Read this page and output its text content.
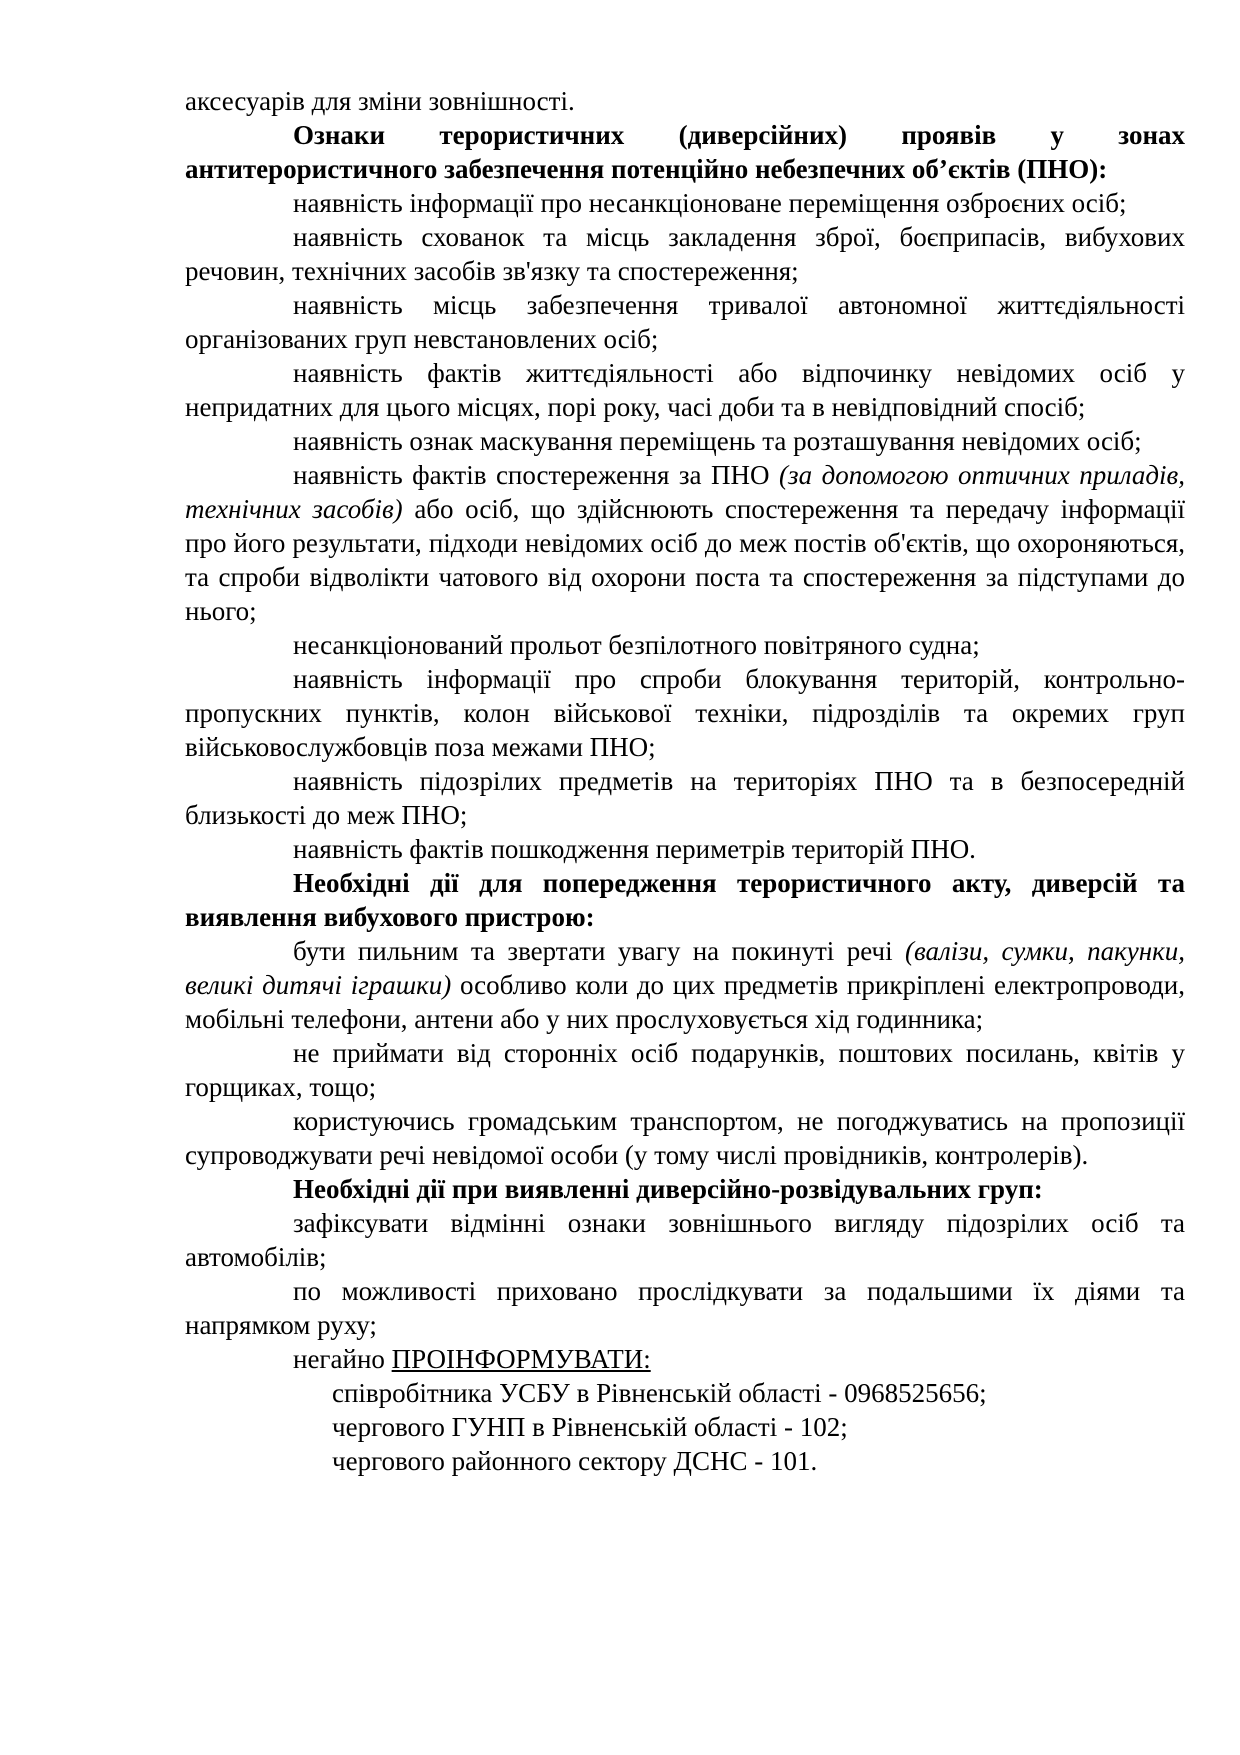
аксесуарів для зміни зовнішності.

Ознаки терористичних (диверсійних) проявів у зонах антитерористичного забезпечення потенційно небезпечних об’єктів (ПНО):

наявність інформації про несанкціоноване переміщення озброєних осіб;

наявність схованок та місць закладення зброї, боєприпасів, вибухових речовин, технічних засобів зв'язку та спостереження;

наявність місць забезпечення тривалої автономної життєдіяльності організованих груп невстановлених осіб;

наявність фактів життєдіяльності або відпочинку невідомих осіб у непридатних для цього місцях, порі року, часі доби та в невідповідний спосіб;

наявність ознак маскування переміщень та розташування невідомих осіб;

наявність фактів спостереження за ПНО (за допомогою оптичних приладів, технічних засобів) або осіб, що здійснюють спостереження та передачу інформації про його результати, підходи невідомих осіб до меж постів об'єктів, що охороняються, та спроби відволікти чатового від охорони поста та спостереження за підступами до нього;

несанкціонований прольот безпілотного повітряного судна;

наявність інформації про спроби блокування територій, контрольно-пропускних пунктів, колон військової техніки, підрозділів та окремих груп військовослужбовців поза межами ПНО;

наявність підозрілих предметів на територіях ПНО та в безпосередній близькості до меж ПНО;

наявність фактів пошкодження периметрів територій ПНО.

Необхідні дії для попередження терористичного акту, диверсій та виявлення вибухового пристрою:

бути пильним та звертати увагу на покинуті речі (валізи, сумки, пакунки, великі дитячі іграшки) особливо коли до цих предметів прикріплені електропроводи, мобільні телефони, антени або у них прослуховується хід годинника;

не приймати від сторонніх осіб подарунків, поштових посилань, квітів у горщиках, тощо;

користуючись громадським транспортом, не погоджуватись на пропозиції супроводжувати речі невідомої особи (у тому числі провідників, контролерів).

Необхідні дії при виявленні диверсійно-розвідувальних груп:

зафіксувати відмінні ознаки зовнішнього вигляду підозрілих осіб та автомобілів;

по можливості приховано прослідкувати за подальшими їх діями та напрямком руху;

негайно ПРОІНФОРМУВАТИ:

співробітника УСБУ в Рівненській області - 0968525656;

чергового ГУНП в Рівненській області - 102;

чергового районного сектору ДСНС - 101.
